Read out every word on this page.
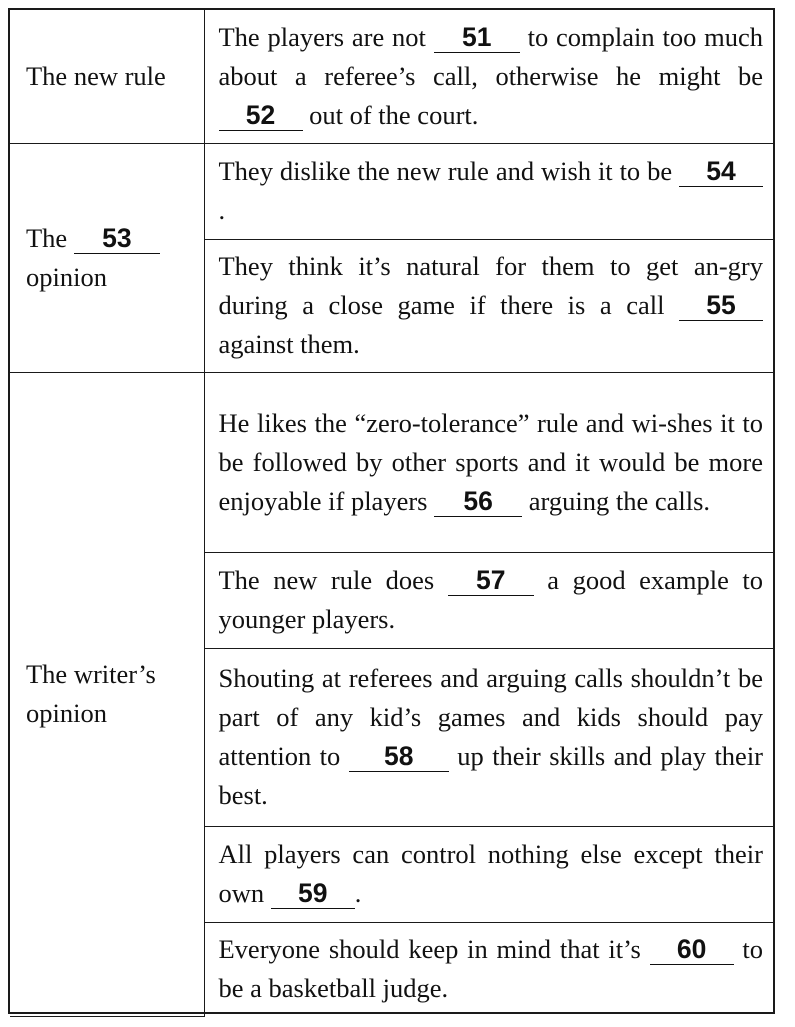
The new rule	The players are not 51 to complain too much about a referee’s call, otherwise he might be 52 out of the court.
The 53
opinion	They dislike the new rule and wish it to be 54.
	They think it’s natural for them to get an-gry during a close game if there is a call 55 against them.
The writer’s opinion	He likes the “zero-tolerance” rule and wi-shes it to be followed by other sports and it would be more enjoyable if players 56 arguing the calls.
	The new rule does 57 a good example to younger players.
	Shouting at referees and arguing calls shouldn’t be part of any kid’s games and kids should pay attention to 58 up their skills and play their best.
	All players can control nothing else except their own 59 .
	Everyone should keep in mind that it’s 60 to be a basketball judge.
